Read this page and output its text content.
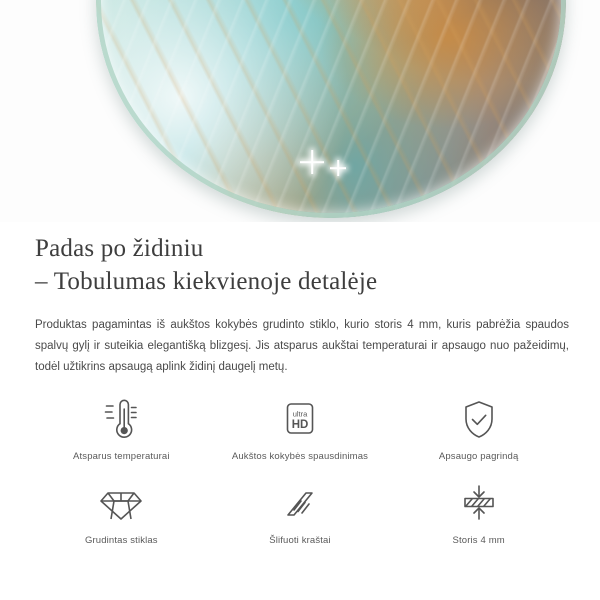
Padas po židiniu
– Tobulumas kiekvienoje detalėje
Produktas pagamintas iš aukštos kokybės grudinto stiklo, kurio storis 4 mm, kuris pabrėžia spaudos spalvų gylį ir suteikia elegantišką blizgesį. Jis atsparus aukštai temperaturai ir apsaugo nuo pažeidimų, todėl užtikrins apsaugą aplink židinį daugelį metų.
Atsparus temperaturai
ultra
HD
Aukštos kokybės spausdinimas	Apsaugo pagrindą
Grudintas stiklas	Šlifuoti kraštai	Storis 4 mm
